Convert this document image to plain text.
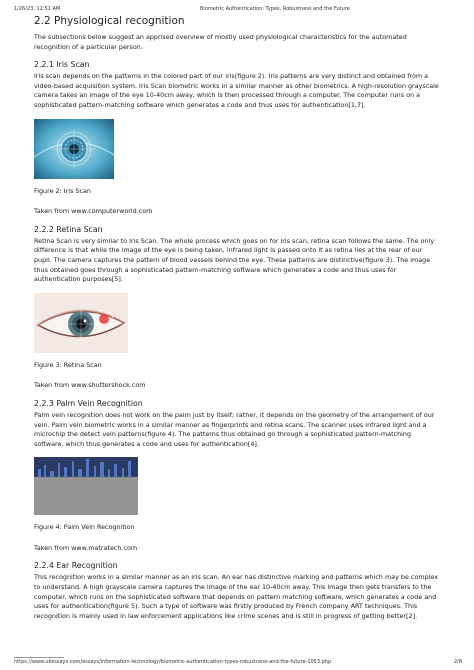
1/26/23, 12:51 AM	Biometric Authentication: Types, Robustness and the Future
2.2 Physiological recognition

The subsections below suggest an apprised overview of mostly used physiological characteristics for the automated recognition of a particular person.

2.2.1 Iris Scan

Iris scan depends on the patterns in the colored part of our iris(figure 2). Iris patterns are very distinct and obtained from a video-based acquisition system. Iris Scan biometric works in a similar manner as other biometrics. A high-resolution grayscale camera takes an image of the eye 10-40cm away, which is then processed through a computer. The computer runs on a sophisticated pattern-matching software which generates a code and thus uses for authentication[1,7].

Figure 2: Iris Scan

Taken from www.computerworld.com

2.2.2 Retina Scan

Retina Scan is very similar to Iris Scan. The whole process which goes on for iris scan, retina scan follows the same. The only difference is that while the image of the eye is being taken, infrared light is passed onto it as retina lies at the rear of our pupil. The camera captures the pattern of blood vessels behind the eye. These patterns are distinctive(figure 3). The image thus obtained goes through a sophisticated pattern-matching software which generates a code and thus uses for authentication purposes[5].

Figure 3: Retina Scan

Taken from www.shuttershock.com

2.2.3 Palm Vein Recognition

Palm vein recognition does not work on the palm just by itself; rather, it depends on the geometry of the arrangement of our vein. Palm vein biometric works in a similar manner as fingerprints and retina scans. The scanner uses infrared light and a microchip the detect vein patterns(figure 4). The patterns thus obtained go through a sophisticated pattern-matching software, which thus generates a code and uses for authentication[4].

Figure 4: Palm Vein Recognition

Taken from www.matratech.com

2.2.4 Ear Recognition

This recognition works in a similar manner as an iris scan. An ear has distinctive marking and patterns which may be complex to understand. A high grayscale camera captures the image of the ear 10-40cm away. This image then gets transfers to the computer, which runs on the sophisticated software that depends on pattern matching software, which generates a code and uses for authentication(figure 5). Such a type of software was firstly produced by French company ART techniques. This recognition is mainly used in law enforcement applications like crime scenes and is still in progress of getting better[2].

https://www.ukessays.com/essays/information-technology/biometric-authentication-types-robustness-and-the-future-1053.php	2/8
